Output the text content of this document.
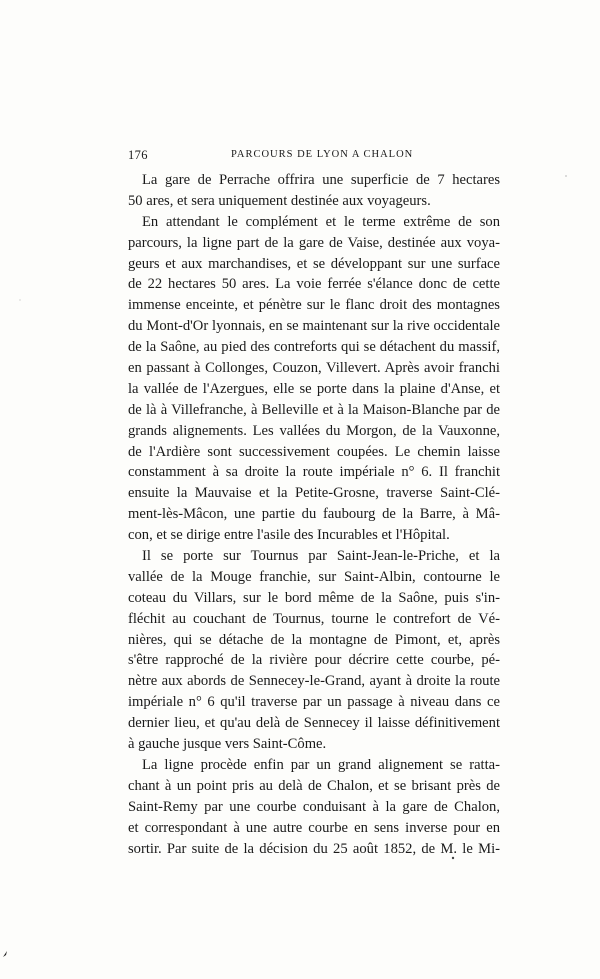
176	PARCOURS DE LYON A CHALON
La gare de Perrache offrira une superficie de 7 hectares
50 ares, et sera uniquement destinée aux voyageurs.
En attendant le complément et le terme extrême de son
parcours, la ligne part de la gare de Vaise, destinée aux voya-
geurs et aux marchandises, et se développant sur une surface
de 22 hectares 50 ares. La voie ferrée s'élance donc de cette
immense enceinte, et pénètre sur le flanc droit des montagnes
du Mont-d'Or lyonnais, en se maintenant sur la rive occidentale
de la Saône, au pied des contreforts qui se détachent du massif,
en passant à Collonges, Couzon, Villevert. Après avoir franchi
la vallée de l'Azergues, elle se porte dans la plaine d'Anse, et
de là à Villefranche, à Belleville et à la Maison-Blanche par de
grands alignements. Les vallées du Morgon, de la Vauxonne,
de l'Ardière sont successivement coupées. Le chemin laisse
constamment à sa droite la route impériale n° 6. Il franchit
ensuite la Mauvaise et la Petite-Grosne, traverse Saint-Clé-
ment-lès-Mâcon, une partie du faubourg de la Barre, à Mâ-
con, et se dirige entre l'asile des Incurables et l'Hôpital.
Il se porte sur Tournus par Saint-Jean-le-Priche, et la
vallée de la Mouge franchie, sur Saint-Albin, contourne le
coteau du Villars, sur le bord même de la Saône, puis s'in-
fléchit au couchant de Tournus, tourne le contrefort de Vé-
nières, qui se détache de la montagne de Pimont, et, après
s'être rapproché de la rivière pour décrire cette courbe, pé-
nètre aux abords de Sennecey-le-Grand, ayant à droite la route
impériale n° 6 qu'il traverse par un passage à niveau dans ce
dernier lieu, et qu'au delà de Sennecey il laisse définitivement
à gauche jusque vers Saint-Côme.
La ligne procède enfin par un grand alignement se ratta-
chant à un point pris au delà de Chalon, et se brisant près de
Saint-Remy par une courbe conduisant à la gare de Chalon,
et correspondant à une autre courbe en sens inverse pour en
sortir. Par suite de la décision du 25 août 1852, de M. le Mi-
